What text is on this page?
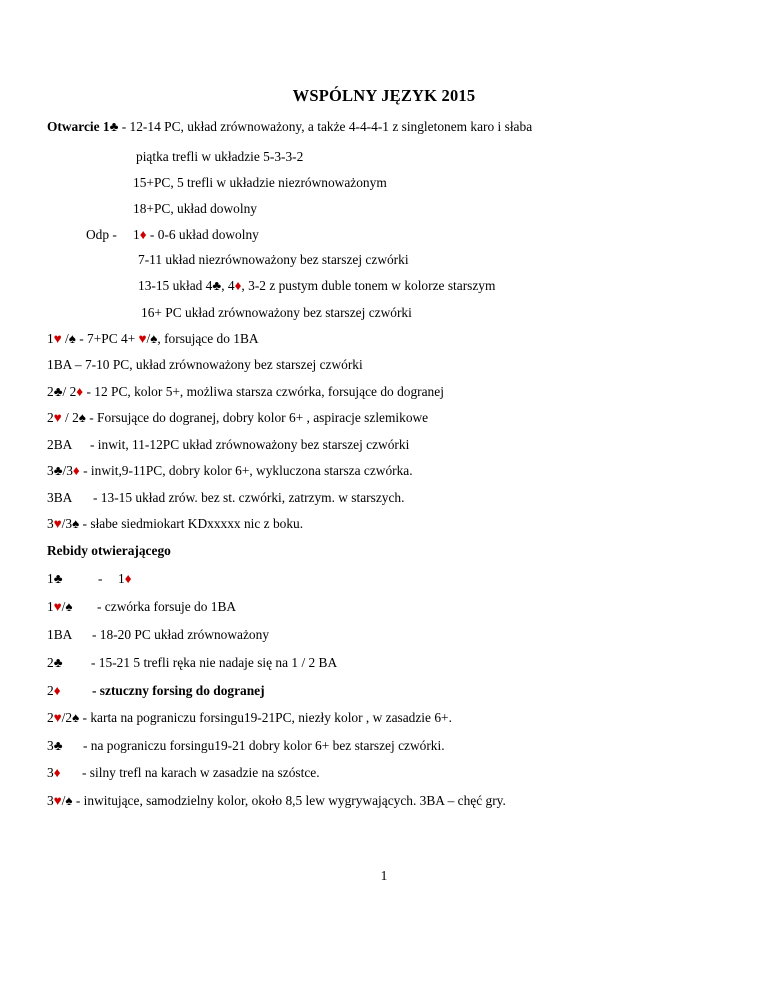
WSPÓLNY JĘZYK 2015
Otwarcie 1♣ - 12-14 PC, układ zrównoważony, a także 4-4-4-1 z singletonem karo i słaba
piątka trefli w układzie 5-3-3-2
15+PC, 5 trefli w układzie niezrównoważonym
18+PC, układ dowolny
Odp - 1♦ - 0-6 układ dowolny
7-11 układ niezrównoważony bez starszej czwórki
13-15 układ 4♣, 4♦, 3-2 z pustym duble tonem w kolorze starszym
16+ PC układ zrównoważony bez starszej czwórki
1♥ /♠ - 7+PC 4+ ♥/♠, forsujące do 1BA
1BA – 7-10 PC, układ zrównoważony bez starszej czwórki
2♣/ 2♦ - 12 PC, kolor 5+, możliwa starsza czwórka, forsujące do dogranej
2♥ / 2♠ - Forsujące do dogranej, dobry kolor 6+ , aspiracje szlemikowe
2BA - inwit, 11-12PC układ zrównoważony bez starszej czwórki
3♣/3♦ - inwit,9-11PC, dobry kolor 6+, wykluczona starsza czwórka.
3BA - 13-15 układ zrów. bez st. czwórki, zatrzym. w starszych.
3♥/3♠ - słabe siedmiokart KDxxxxx nic z boku.
Rebidy otwierającego
1♣	- 1♦
1♥/♠ - czwórka forsuje do 1BA
1BA - 18-20 PC układ zrównoważony
2♣ - 15-21 5 trefli ręka nie nadaje się na 1 / 2 BA
2♦ - sztuczny forsing do dogranej
2♥/2♠ - karta na pograniczu forsingu19-21PC, niezły kolor , w zasadzie 6+.
3♣ - na pograniczu forsingu19-21 dobry kolor 6+ bez starszej czwórki.
3♦ - silny trefl na karach w zasadzie na szóstce.
3♥/♠ - inwitujące, samodzielny kolor, około 8,5 lew wygrywających. 3BA – chęć gry.
1
